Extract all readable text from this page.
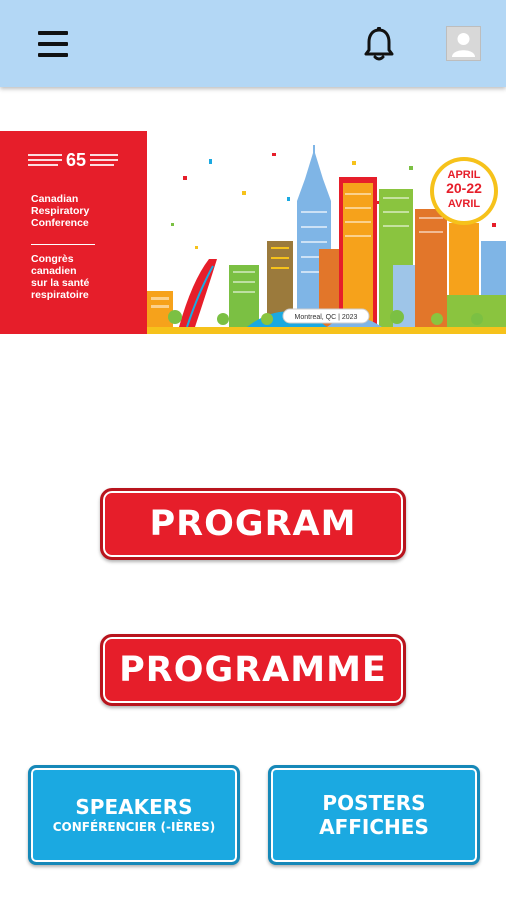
65
Canadian
Respiratory
Conference
Congrès
canadien
sur la santé
respiratoire
Montreal, QC | 2023
APRIL
20-22
AVRIL
PROGRAM
PROGRAMME
SPEAKERS
CONFÉRENCIER (-IÈRES)
POSTERS
AFFICHES
